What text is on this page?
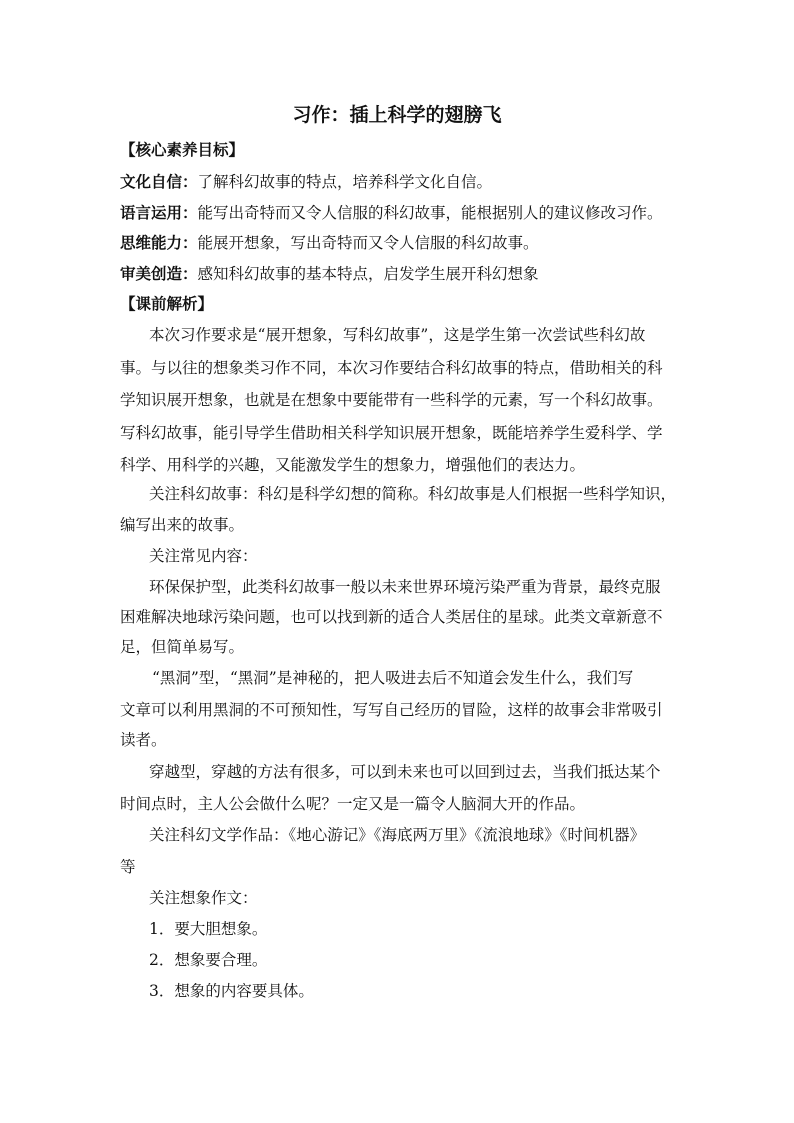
习作：插上科学的翅膀飞
【核心素养目标】
文化自信：了解科幻故事的特点，培养科学文化自信。
语言运用：能写出奇特而又令人信服的科幻故事，能根据别人的建议修改习作。
思维能力：能展开想象，写出奇特而又令人信服的科幻故事。
审美创造：感知科幻故事的基本特点，启发学生展开科幻想象
【课前解析】
本次习作要求是“展开想象，写科幻故事”，这是学生第一次尝试些科幻故
事。与以往的想象类习作不同，本次习作要结合科幻故事的特点，借助相关的科
学知识展开想象，也就是在想象中要能带有一些科学的元素，写一个科幻故事。
写科幻故事，能引导学生借助相关科学知识展开想象，既能培养学生爱科学、学
科学、用科学的兴趣，又能激发学生的想象力，增强他们的表达力。
关注科幻故事：科幻是科学幻想的简称。科幻故事是人们根据一些科学知识，
编写出来的故事。
关注常见内容：
环保保护型，此类科幻故事一般以未来世界环境污染严重为背景，最终克服
困难解决地球污染问题，也可以找到新的适合人类居住的星球。此类文章新意不
足，但简单易写。
“黑洞”型，“黑洞”是神秘的，把人吸进去后不知道会发生什么，我们写
文章可以利用黑洞的不可预知性，写写自己经历的冒险，这样的故事会非常吸引
读者。
穿越型，穿越的方法有很多，可以到未来也可以回到过去，当我们抵达某个
时间点时，主人公会做什么呢？一定又是一篇令人脑洞大开的作品。
关注科幻文学作品：《地心游记》《海底两万里》《流浪地球》《时间机器》
等
关注想象作文：
1．要大胆想象。
2．想象要合理。
3．想象的内容要具体。
